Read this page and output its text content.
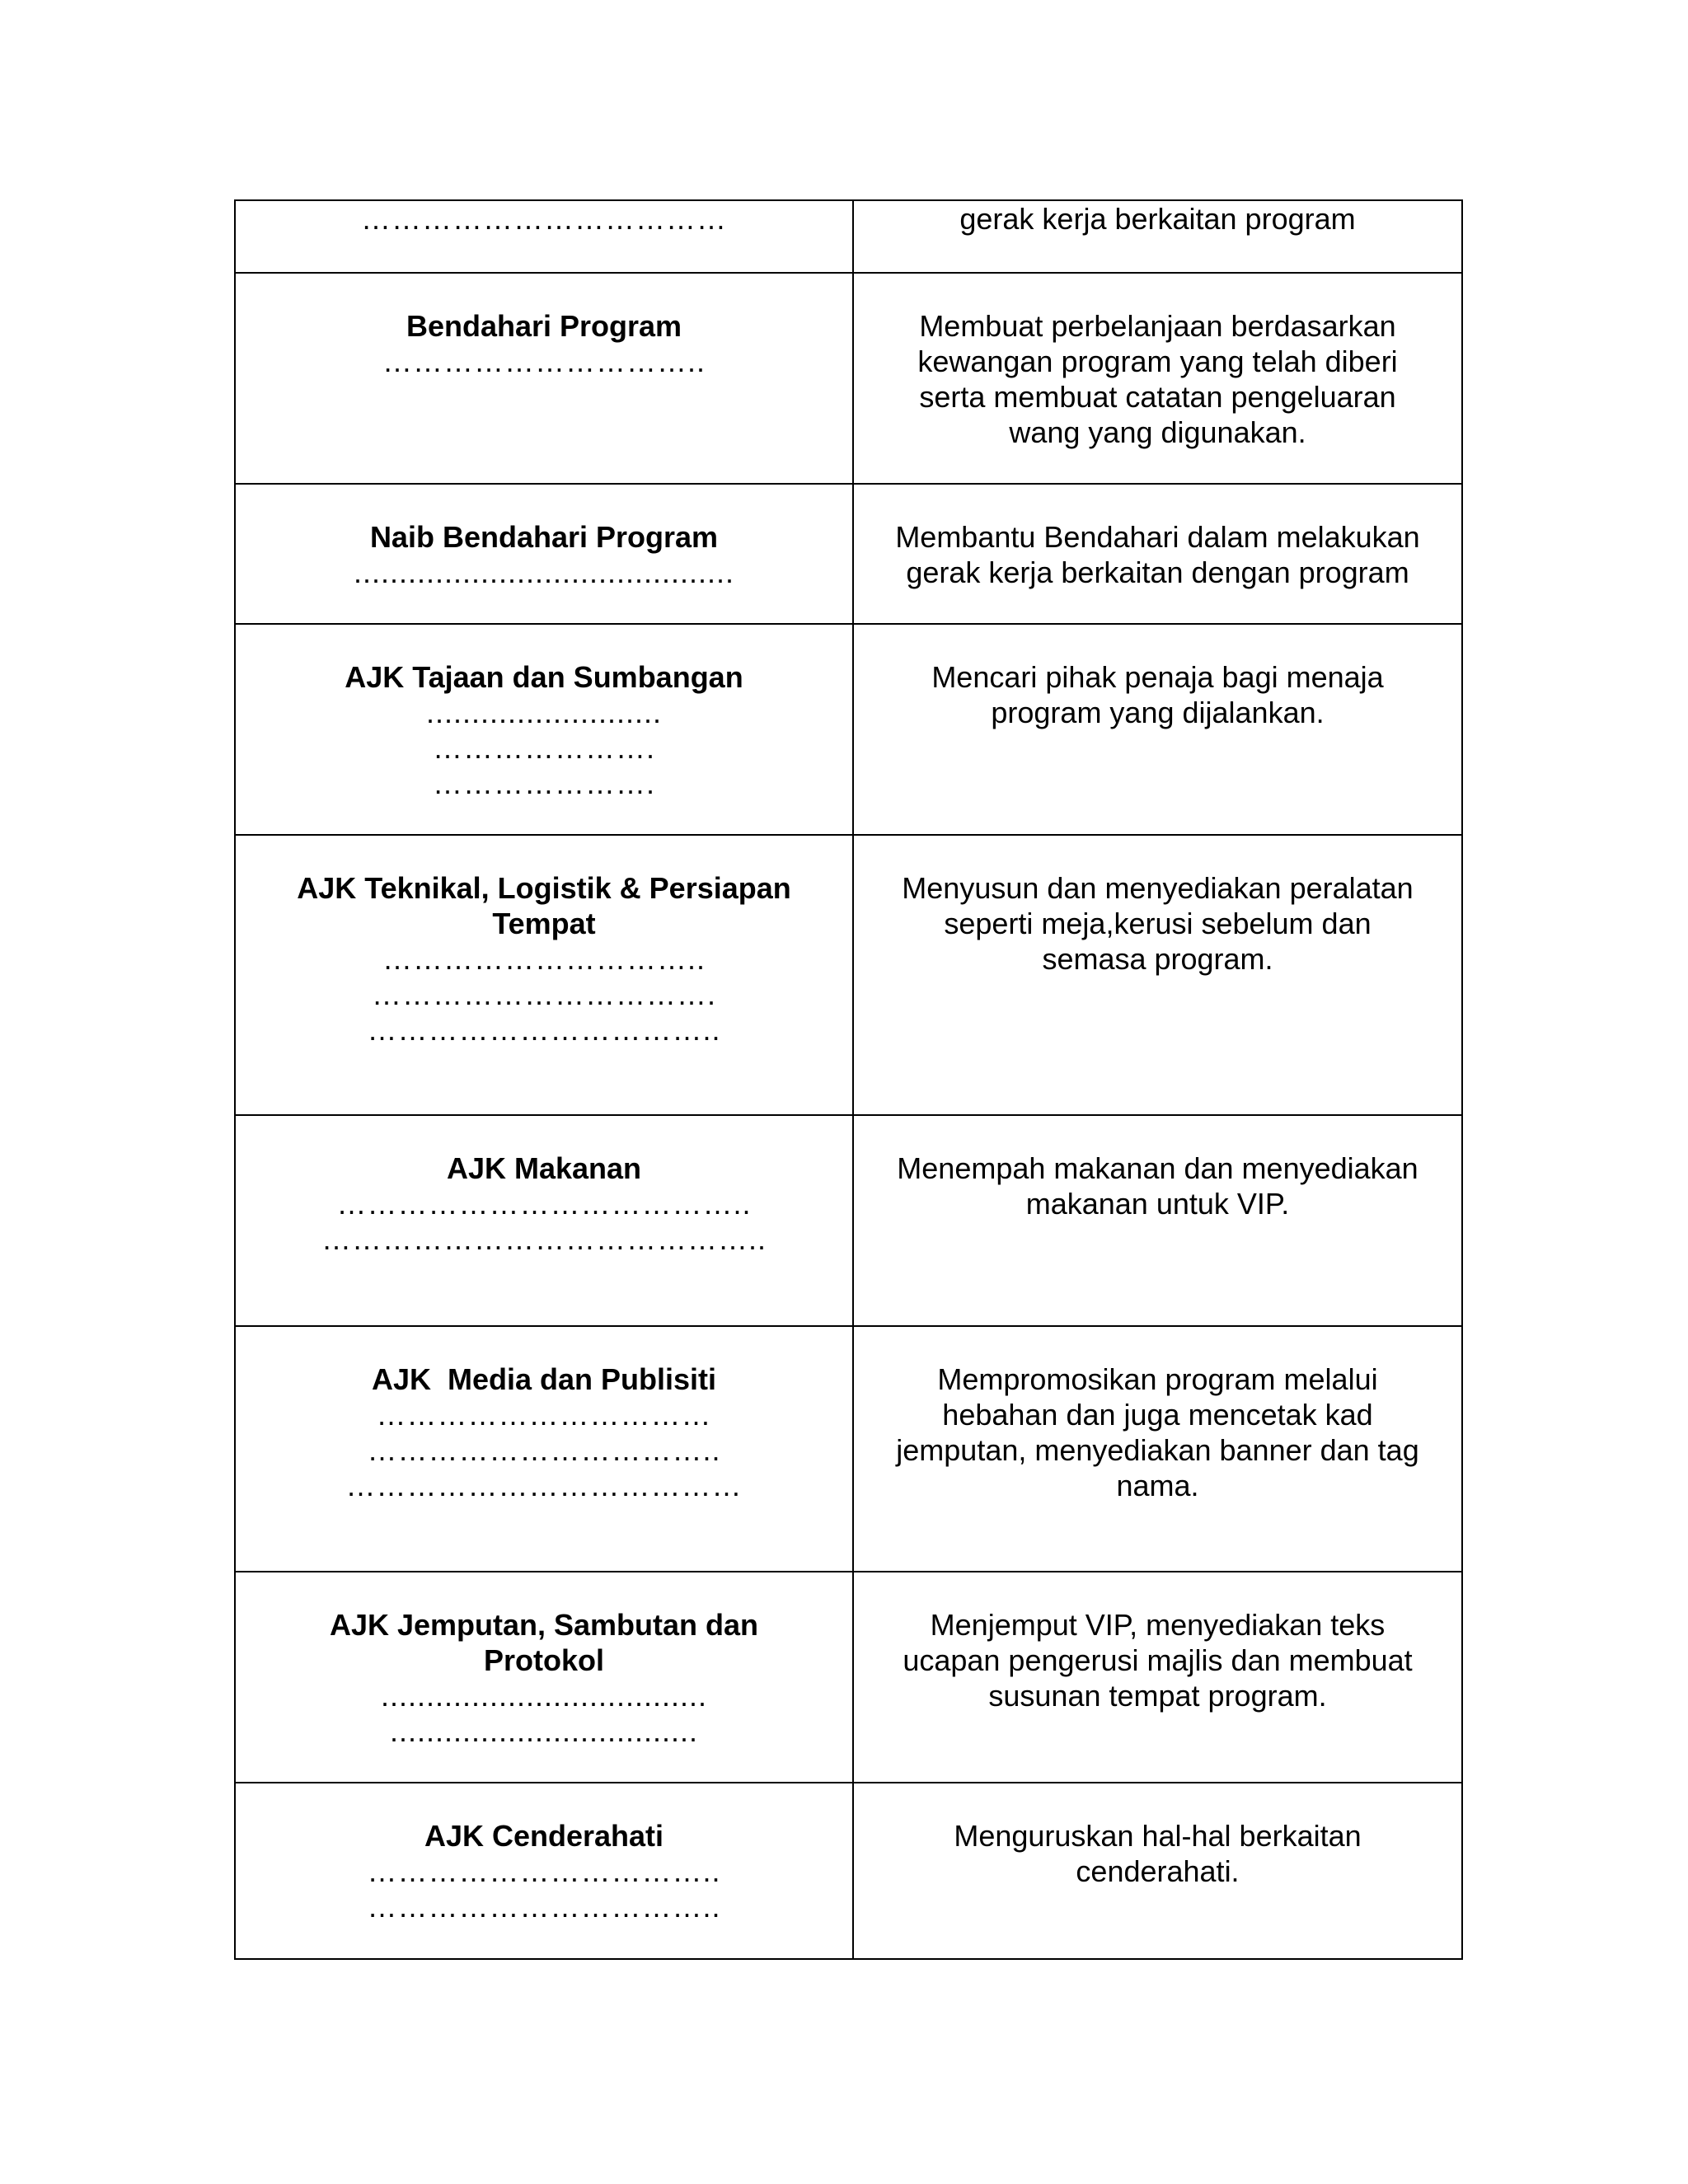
………………………………	gerak kerja berkaitan program

Bendahari Program
…………………………..	Membuat perbelanjaan berdasarkan kewangan program yang telah diberi serta membuat catatan pengeluaran wang yang digunakan.

Naib Bendahari Program
..........................................	Membantu Bendahari dalam melakukan gerak kerja berkaitan dengan program

AJK Tajaan dan Sumbangan
..........................
………………….
………………….	Mencari pihak penaja bagi menaja program yang dijalankan.

AJK Teknikal, Logistik & Persiapan Tempat
…………………………..
…………………………….
……………………………..	Menyusun dan menyediakan peralatan seperti meja,kerusi sebelum dan semasa program.

AJK Makanan
…………………………………..
……………………………………..	Menempah makanan dan menyediakan makanan untuk VIP.

AJK  Media dan Publisiti
……………………………
……………………………..
…………………………………	Mempromosikan program melalui hebahan dan juga mencetak kad jemputan, menyediakan banner dan tag nama.

AJK Jemputan, Sambutan dan Protokol
....................................
..................................	Menjemput VIP, menyediakan teks ucapan pengerusi majlis dan membuat susunan tempat program.

AJK Cenderahati
……………………………..
……………………………..	Menguruskan hal-hal berkaitan cenderahati.
